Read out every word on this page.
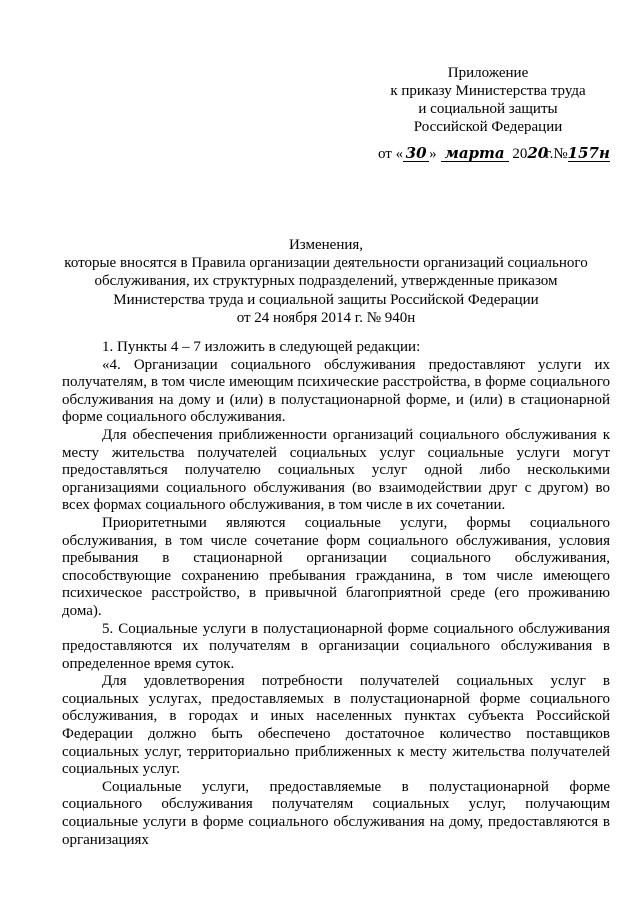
Приложение
к приказу Министерства труда
и социальной защиты
Российской Федерации
от « 30 » марта 2020 г.№157н
Изменения,
которые вносятся в Правила организации деятельности организаций социального
обслуживания, их структурных подразделений, утвержденные приказом
Министерства труда и социальной защиты Российской Федерации
от 24 ноября 2014 г. № 940н

1. Пункты 4 – 7 изложить в следующей редакции:

«4. Организации социального обслуживания предоставляют услуги их получателям, в том числе имеющим психические расстройства, в форме социального обслуживания на дому и (или) в полустационарной форме, и (или) в стационарной форме социального обслуживания.

Для обеспечения приближенности организаций социального обслуживания к месту жительства получателей социальных услуг социальные услуги могут предоставляться получателю социальных услуг одной либо несколькими организациями социального обслуживания (во взаимодействии друг с другом) во всех формах социального обслуживания, в том числе в их сочетании.

Приоритетными являются социальные услуги, формы социального обслуживания, в том числе сочетание форм социального обслуживания, условия пребывания в стационарной организации социального обслуживания, способствующие сохранению пребывания гражданина, в том числе имеющего психическое расстройство, в привычной благоприятной среде (его проживанию дома).

5. Социальные услуги в полустационарной форме социального обслуживания предоставляются их получателям в организации социального обслуживания в определенное время суток.

Для удовлетворения потребности получателей социальных услуг в социальных услугах, предоставляемых в полустационарной форме социального обслуживания, в городах и иных населенных пунктах субъекта Российской Федерации должно быть обеспечено достаточное количество поставщиков социальных услуг, территориально приближенных к месту жительства получателей социальных услуг.

Социальные услуги, предоставляемые в полустационарной форме социального обслуживания получателям социальных услуг, получающим социальные услуги в форме социального обслуживания на дому, предоставляются в организациях
